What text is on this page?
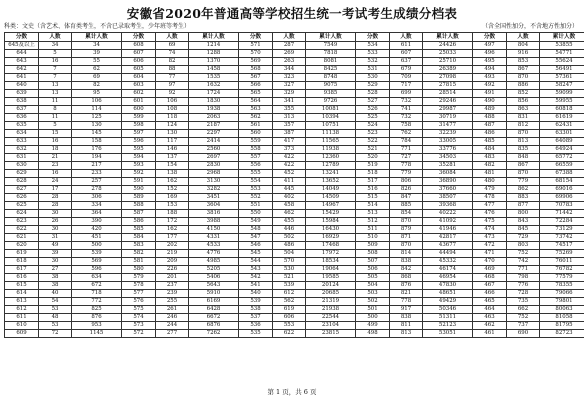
安徽省2020年普通高等学校招生统一考试考生成绩分档表
科类：文史（含艺术、体育类考生，不含已录取考生，少年班等考生）	（含全国性加分，不含地方性加分）
分数	人数	累计人数	分数	人数	累计人数	分数	人数	累计人数	分数	人数	累计人数	分数	人数	累计人数
645及以上	34	34	608	69	1214	571	287	7549	534	611	24426	497	804	53855
644	5	39	607	74	1288	570	269	7818	533	607	25033	496	916	54771
643	16	55	606	82	1370	569	263	8081	532	637	25710	495	853	55624
642	7	62	605	88	1458	568	344	8425	531	679	26389	494	867	56491
641	7	69	604	77	1535	567	323	8748	530	709	27098	493	870	57361
640	13	82	603	97	1632	566	327	9075	529	717	27815	492	886	58247
639	13	95	602	92	1724	565	329	9385	528	699	28514	491	852	59099
638	11	106	601	106	1830	564	341	9726	527	732	29246	490	856	59955
637	8	114	600	108	1938	563	355	10081	526	741	29987	489	863	60818
636	11	125	599	118	2063	562	313	10394	525	732	30719	488	831	61619
635	5	130	598	124	2187	561	357	10751	524	758	31477	487	812	62431
634	15	145	597	130	2297	560	387	11138	523	762	32239	486	870	63301
633	16	158	596	117	2414	559	417	11565	522	784	33005	485	813	64089
632	18	176	595	146	2560	558	373	11938	521	771	33776	484	835	64924
631	21	194	594	137	2697	557	422	12360	520	727	34503	483	848	65772
630	23	217	593	154	2830	556	422	12789	519	778	35281	482	867	66559
629	16	233	592	138	2968	555	452	13241	518	779	36084	481	870	67388
628	24	257	591	162	3130	554	411	13652	517	806	36890	480	779	68154
627	17	278	590	152	3282	553	445	14049	516	826	37660	479	862	69016
626	28	306	589	169	3451	552	402	14509	515	847	38507	478	883	69906
625	28	334	588	153	3604	551	458	14967	514	885	39368	477	877	70783
624	30	364	587	188	3816	550	462	15429	513	854	40222	476	800	71442
623	26	390	586	172	3988	549	455	15984	512	870	41092	475	843	72284
622	30	420	585	162	4150	548	446	16430	511	879	41946	474	845	73129
621	31	451	584	177	4331	547	502	16929	510	871	42817	473	729	73742
620	49	500	583	202	4533	546	486	17468	509	870	43677	472	803	74517
619	39	539	582	219	4776	545	504	17972	508	814	44494	471	752	75269
618	30	569	581	209	4985	544	570	18534	507	838	45332	470	742	76011
617	27	596	580	226	5205	543	530	19064	506	842	46174	469	771	76782
616	38	634	579	201	5406	542	521	19585	505	868	46954	468	798	77579
615	38	672	578	237	5643	541	539	20124	504	876	47830	467	776	78355
614	40	718	577	239	5910	540	612	20685	503	821	48651	466	728	79066
613	54	772	576	255	6169	539	562	21319	502	778	49429	465	735	79801
612	53	825	575	261	6428	538	619	21938	501	917	50346	464	662	80063
611	48	876	574	246	6672	537	606	22544	500	838	51311	463	752	81058
610	53	953	573	244	6876	536	553	23104	499	811	52123	462	737	81795
609	72	1145	572	277	7262	535	622	23815	498	813	53051	461	690	82723
第 1 页，共 6 页
